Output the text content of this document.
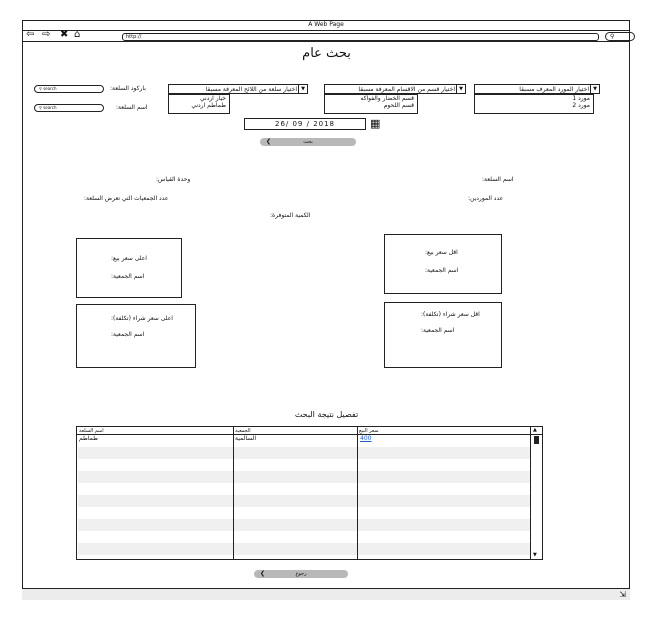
A Web Page
⇦ ⇨ ✖ ⌂	http://	⚲
بحث عام
⚲ search	باركود السلعة:
⚲ search	اسم السلعة:
اختيار سلعة من اللائح المعرفة مسبقا ▼
خيار اردني
طماطم اردني
اختيار قسم من الاقسام المعرفة مسبقا ▼
قسم الخضار والفواكه
قسم اللحوم
اختيار المورد المعرف مسبقا ▼
مورد 1
مورد 2
26/ 09 / 2018	▦
❮	بحث
اسم السلعة:
وحدة القياس:
عدد الموردين:
عدد الجمعيات التي تعرض السلعة:
الكمية المتوفرة:
اعلى سعر بيع:
اسم الجمعية:
اقل سعر بيع:
اسم الجمعية:
اعلى سعر شراء (تكلفة):
اسم الجمعية:
اقل سعر شراء (تكلفة):
اسم الجمعية:
تفصيل نتيجة البحث
اسم السلعة	الجمعية	سعر البيع
طماطم	السالمية	400
▲
▼
❮	رجوع
⇲
